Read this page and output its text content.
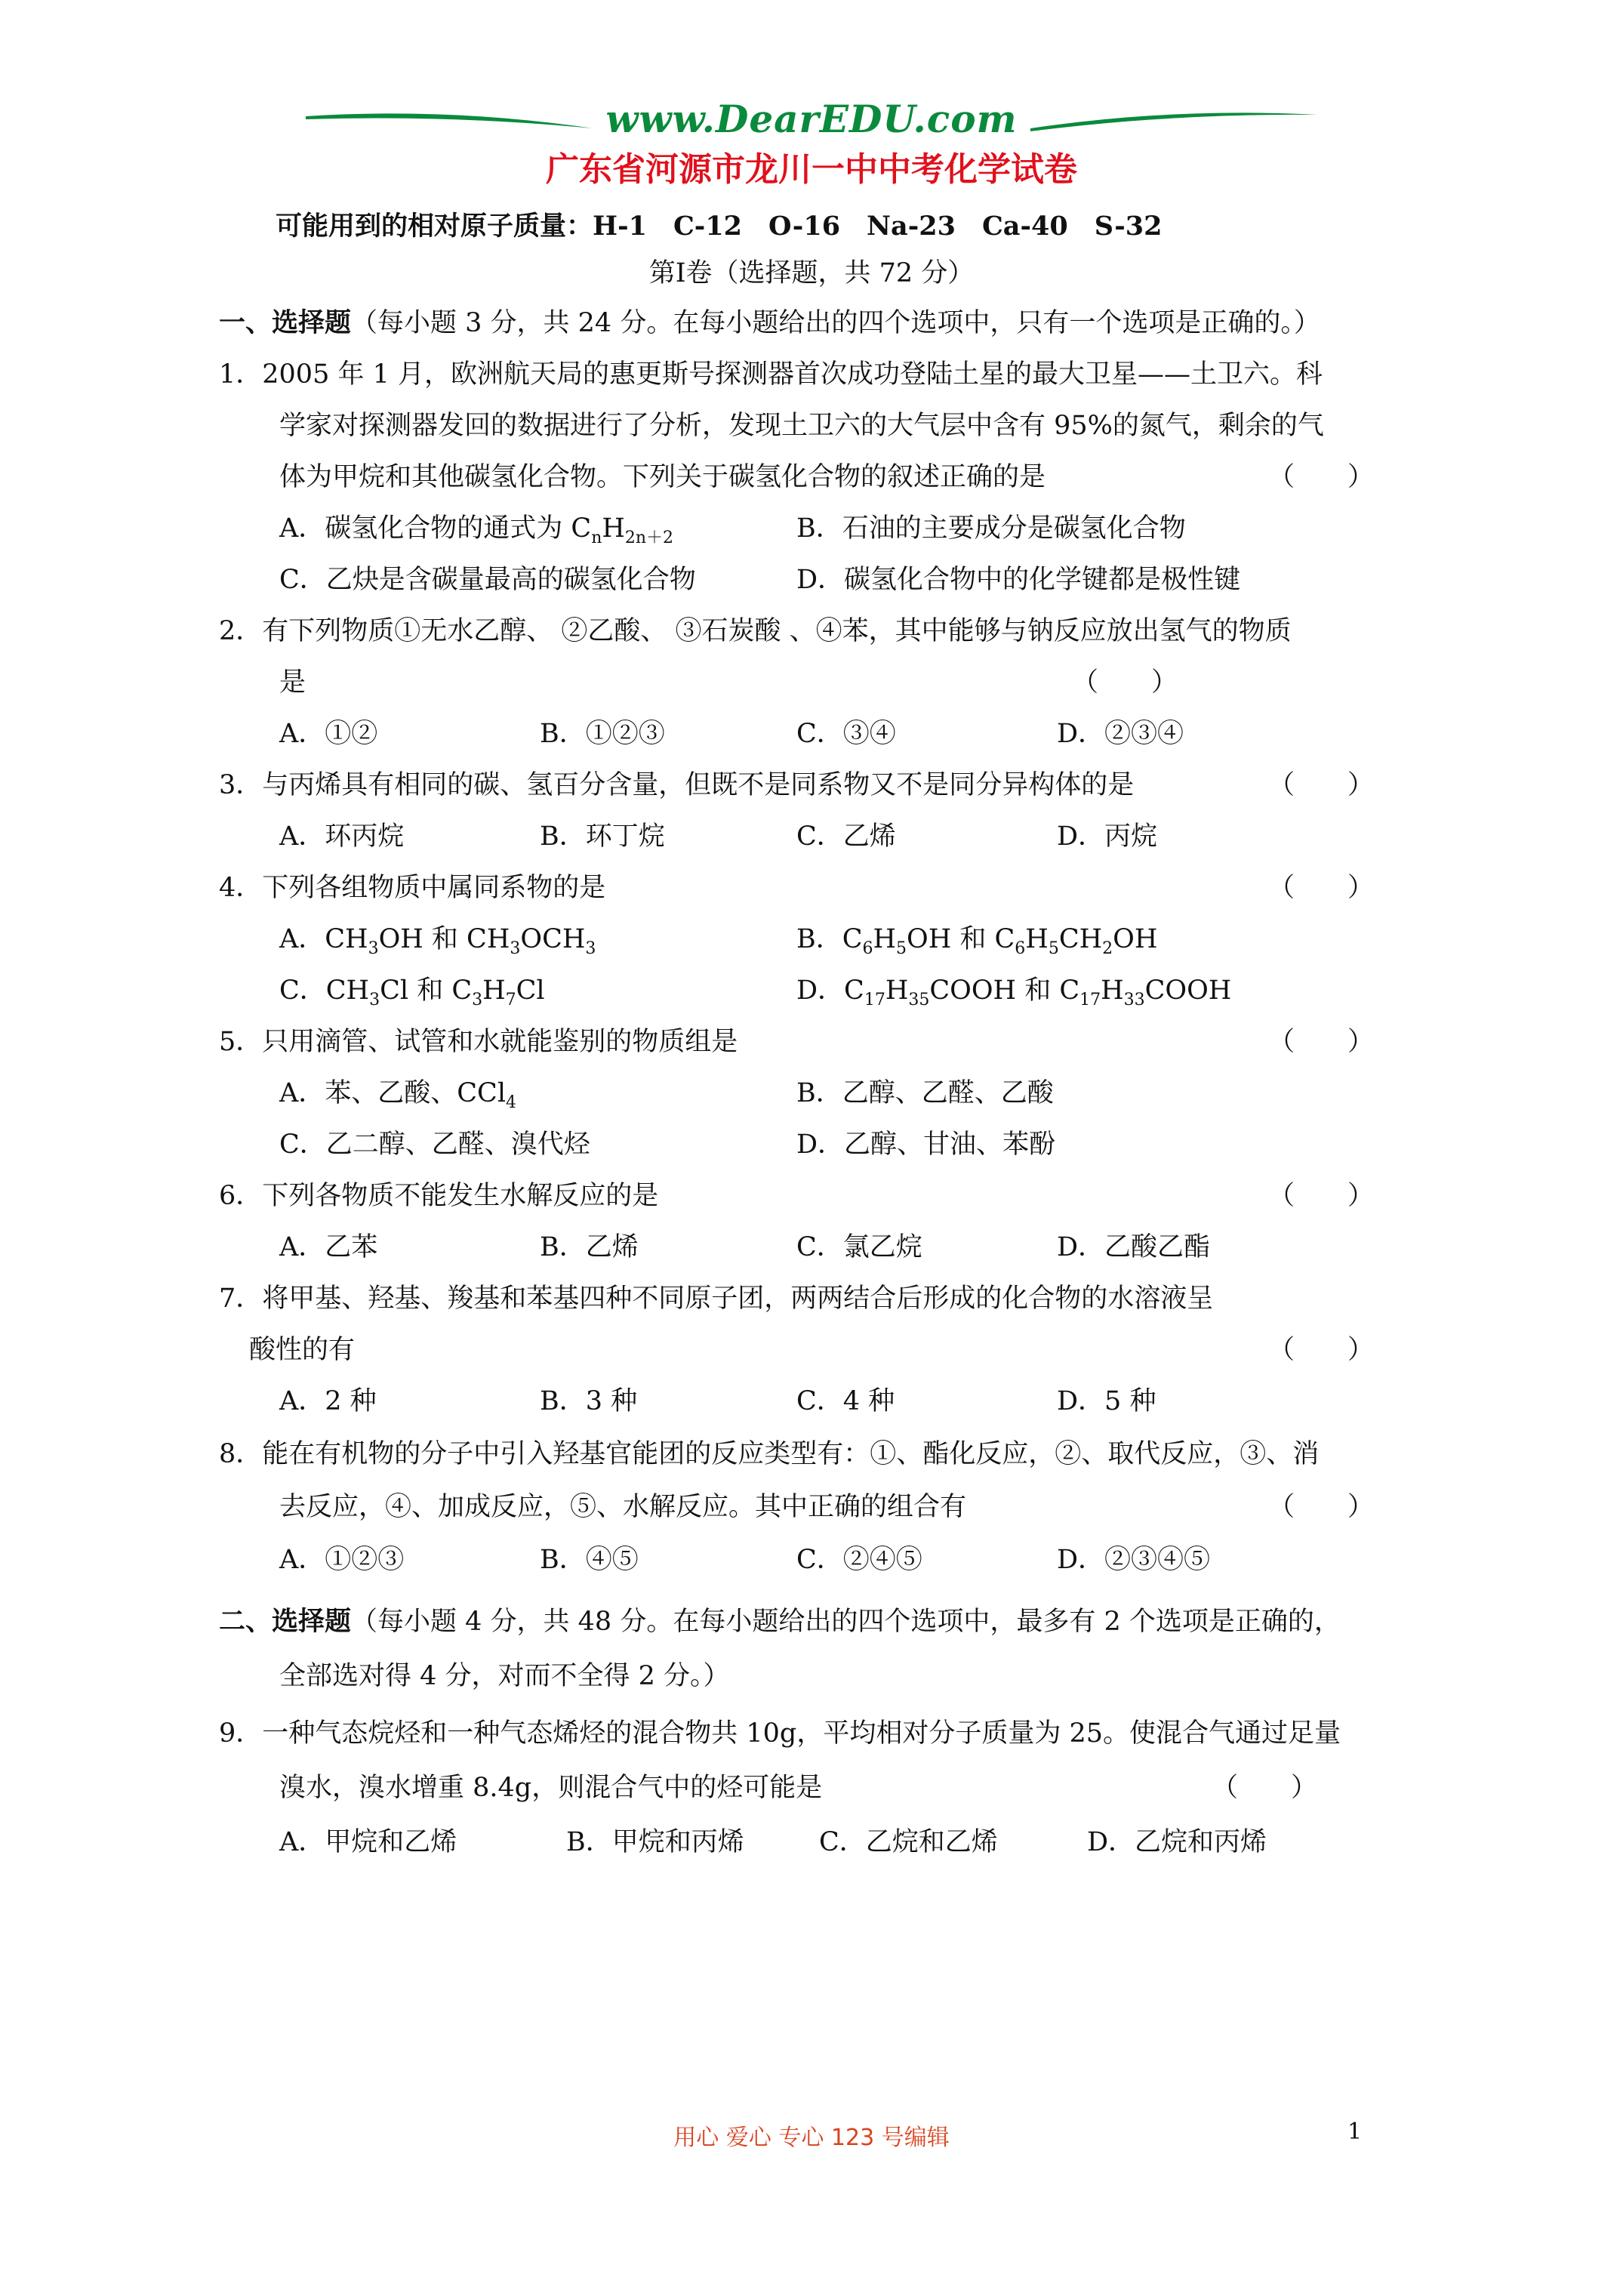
www.DearEDU.com
广东省河源市龙川一中中考化学试卷
可能用到的相对原子质量：H-1　C-12　O-16　Na-23　Ca-40　S-32
第Ⅰ卷（选择题，共 72 分）
一、选择题（每小题 3 分，共 24 分。在每小题给出的四个选项中，只有一个选项是正确的。）
1．2005 年 1 月，欧洲航天局的惠更斯号探测器首次成功登陆土星的最大卫星——土卫六。科
学家对探测器发回的数据进行了分析，发现土卫六的大气层中含有 95%的氮气，剩余的气
体为甲烷和其他碳氢化合物。下列关于碳氢化合物的叙述正确的是	（　　）
A．碳氢化合物的通式为 $C_nH_{2n+2}$	B．石油的主要成分是碳氢化合物
C．乙炔是含碳量最高的碳氢化合物	D．碳氢化合物中的化学键都是极性键
2．有下列物质①无水乙醇、 ②乙酸、 ③石炭酸 、④苯，其中能够与钠反应放出氢气的物质
是	（　　）
A．①②	B．①②③	C．③④	D．②③④
3．与丙烯具有相同的碳、氢百分含量，但既不是同系物又不是同分异构体的是	（　　）
A．环丙烷	B．环丁烷	C．乙烯	D．丙烷
4．下列各组物质中属同系物的是	（　　）
A．$CH_3OH$ 和 $CH_3OCH_3$	B．$C_6H_5OH$ 和 $C_6H_5CH_2OH$
C．$CH_3Cl$ 和 $C_3H_7Cl$	D．$C_{17}H_{35}COOH$ 和 $C_{17}H_{33}COOH$
5．只用滴管、试管和水就能鉴别的物质组是	（　　）
A．苯、乙酸、CCl$_4$	B．乙醇、乙醛、乙酸
C．乙二醇、乙醛、溴代烃	D．乙醇、甘油、苯酚
6．下列各物质不能发生水解反应的是	（　　）
A．乙苯	B．乙烯	C．氯乙烷	D．乙酸乙酯
7．将甲基、羟基、羧基和苯基四种不同原子团，两两结合后形成的化合物的水溶液呈
酸性的有	（　　）
A．2 种	B．3 种	C．4 种	D．5 种
8．能在有机物的分子中引入羟基官能团的反应类型有：①、酯化反应，②、取代反应，③、消
去反应，④、加成反应，⑤、水解反应。其中正确的组合有	（　　）
A．①②③	B．④⑤	C．②④⑤	D．②③④⑤
二、选择题（每小题 4 分，共 48 分。在每小题给出的四个选项中，最多有 2 个选项是正确的，
全部选对得 4 分，对而不全得 2 分。）
9．一种气态烷烃和一种气态烯烃的混合物共 10g，平均相对分子质量为 25。使混合气通过足量
溴水，溴水增重 8.4g，则混合气中的烃可能是	（　　）
A．甲烷和乙烯	B．甲烷和丙烯	C．乙烷和乙烯	D．乙烷和丙烯
用心 爱心 专心 123 号编辑	1
